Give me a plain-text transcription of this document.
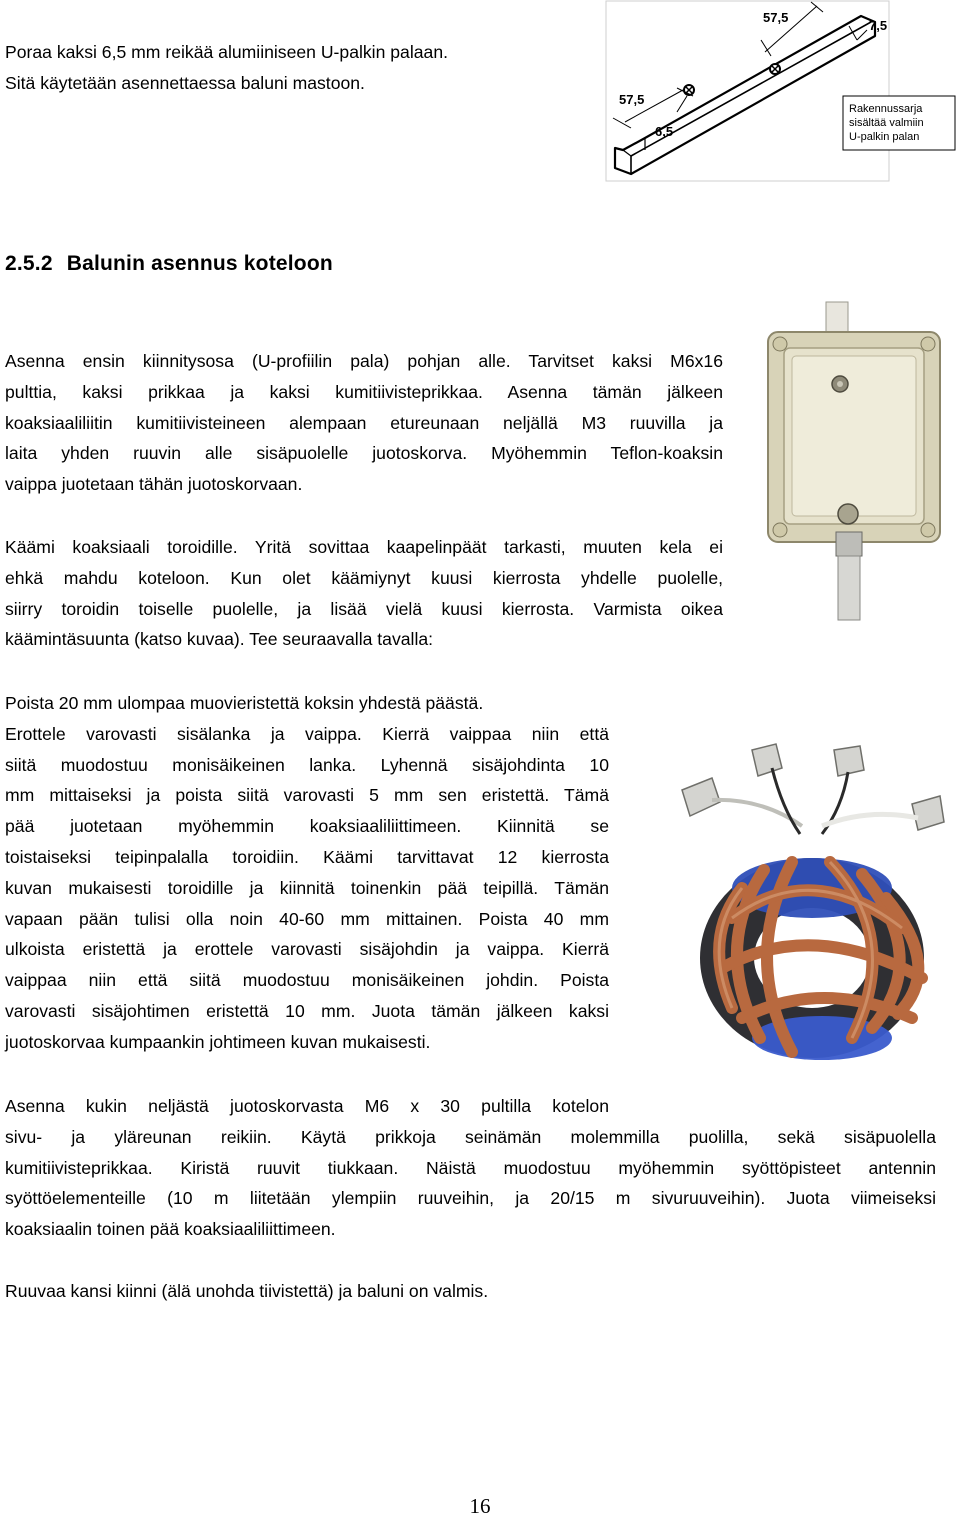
Poraa kaksi 6,5 mm reikää alumiiniseen U-palkin palaan.
Sitä käytetään asennettaessa baluni mastoon.
57,5
7,5
57,5
6,5
Rakennussarja
sisältää valmiin
U-palkin palan
2.5.2 Balunin asennus koteloon
Asenna ensin kiinnitysosa (U-profiilin pala) pohjan alle. Tarvitset kaksi M6x16
pulttia, kaksi prikkaa ja kaksi kumitiivisteprikkaa. Asenna tämän jälkeen
koaksiaaliliitin kumitiivisteineen alempaan etureunaan neljällä M3 ruuvilla ja
laita yhden ruuvin alle sisäpuolelle juotoskorva. Myöhemmin Teflon-koaksin
vaippa juotetaan tähän juotoskorvaan.
Käämi koaksiaali toroidille. Yritä sovittaa kaapelinpäät tarkasti, muuten kela ei
ehkä mahdu koteloon. Kun olet käämiynyt kuusi kierrosta yhdelle puolelle,
siirry toroidin toiselle puolelle, ja lisää vielä kuusi kierrosta. Varmista oikea
käämintäsuunta (katso kuvaa). Tee seuraavalla tavalla:
Poista 20 mm ulompaa muovieristettä koksin yhdestä päästä.
Erottele varovasti sisälanka ja vaippa. Kierrä vaippaa niin että
siitä muodostuu monisäikeinen lanka. Lyhennä sisäjohdinta 10
mm mittaiseksi ja poista siitä varovasti 5 mm sen eristettä. Tämä
pää juotetaan myöhemmin koaksiaaliliittimeen. Kiinnitä se
toistaiseksi teipinpalalla toroidiin. Käämi tarvittavat 12 kierrosta
kuvan mukaisesti toroidille ja kiinnitä toinenkin pää teipillä. Tämän
vapaan pään tulisi olla noin 40-60 mm mittainen. Poista 40 mm
ulkoista eristettä ja erottele varovasti sisäjohdin ja vaippa. Kierrä
vaippaa niin että siitä muodostuu monisäikeinen johdin. Poista
varovasti sisäjohtimen eristettä 10 mm. Juota tämän jälkeen kaksi
juotoskorvaa kumpaankin johtimeen kuvan mukaisesti.
Asenna kukin neljästä juotoskorvasta M6 x 30 pultilla kotelon
sivu- ja yläreunan reikiin. Käytä prikkoja seinämän molemmilla puolilla, sekä sisäpuolella
kumitiivisteprikkaa. Kiristä ruuvit tiukkaan. Näistä muodostuu myöhemmin syöttöpisteet antennin
syöttöelementeille (10 m liitetään ylempiin ruuveihin, ja 20/15 m sivuruuveihin). Juota viimeiseksi
koaksiaalin toinen pää koaksiaaliliittimeen.
Ruuvaa kansi kiinni (älä unohda tiivistettä) ja baluni on valmis.
16
